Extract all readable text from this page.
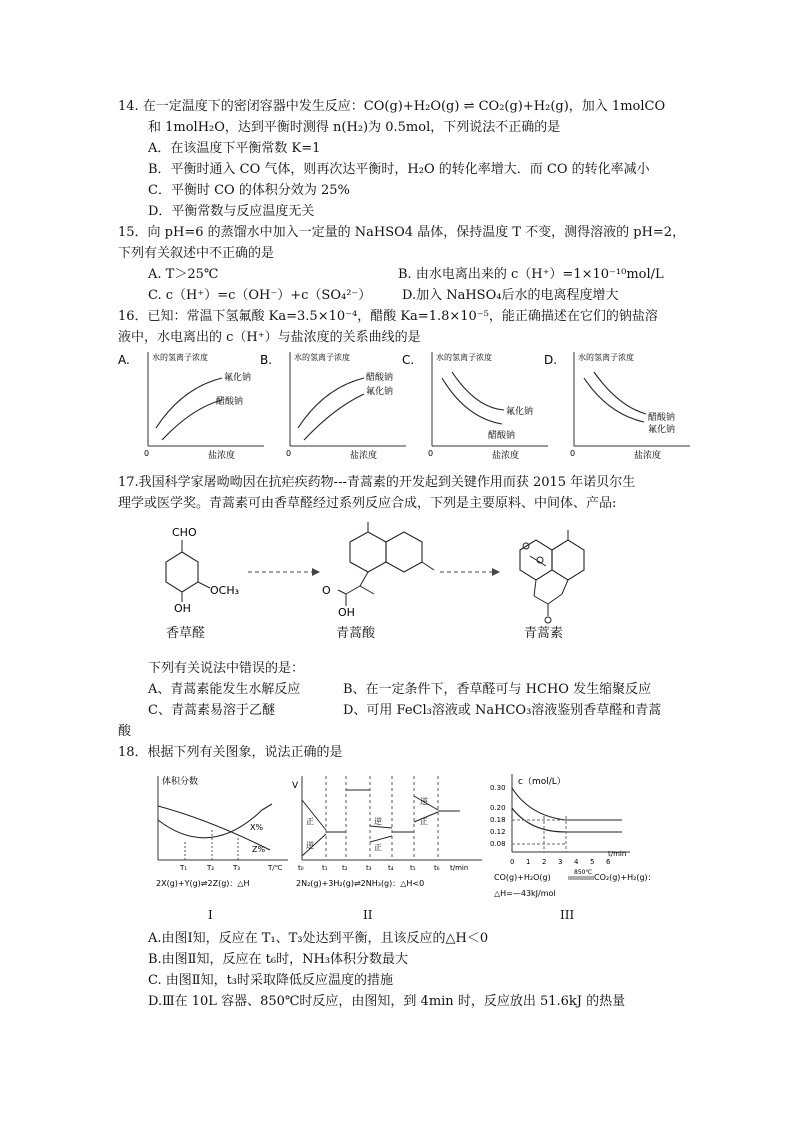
14. 在一定温度下的密闭容器中发生反应：CO(g)+H₂O(g) ⇌ CO₂(g)+H₂(g)，加入 1molCO
和 1molH₂O，达到平衡时测得 n(H₂)为 0.5mol，下列说法不正确的是
A．在该温度下平衡常数 K=1
B．平衡时通入 CO 气体，则再次达平衡时，H₂O 的转化率增大．而 CO 的转化率减小
C．平衡时 CO 的体积分效为 25%
D．平衡常数与反应温度无关
15．向 pH=6 的蒸馏水中加入一定量的 NaHSO4 晶体，保持温度 T 不变，测得溶液的 pH=2，
下列有关叙述中不正确的是
A. T＞25℃	B. 由水电离出来的 c（H⁺）=1×10⁻¹⁰mol/L
C. c（H⁺）=c（OH⁻）+c（SO₄²⁻） D.加入 NaHSO₄后水的电离程度增大
16．已知：常温下氢氟酸 Ka=3.5×10⁻⁴，醋酸 Ka=1.8×10⁻⁵，能正确描述在它们的钠盐溶
液中，水电离出的 c（H⁺）与盐浓度的关系曲线的是
A.	水的氢离子浓度
氟化钠
醋酸钠
0	盐浓度
B.	水的氢离子浓度
醋酸钠
氟化钠
0	盐浓度
C.	水的氢离子浓度
氟化钠
醋酸钠
0	盐浓度
D.	水的氢离子浓度
醋酸钠
氟化钠
0	盐浓度
17.我国科学家屠呦呦因在抗疟疾药物---青蒿素的开发起到关键作用而获 2015 年诺贝尔生
理学或医学奖。青蒿素可由香草醛经过系列反应合成，下列是主要原料、中间体、产品:
CHO
OCH₃
OH
O
OH
香草醛	青蒿酸	青蒿素
下列有关说法中错误的是：
A、青蒿素能发生水解反应	B、在一定条件下，香草醛可与 HCHO 发生缩聚反应
C、青蒿素易溶于乙醚	D、可用 FeCl₃溶液或 NaHCO₃溶液鉴别香草醛和青蒿
酸
18．根据下列有关图象，说法正确的是
体积分数
X%
Z%
T₁	T₂	T₃	T/℃
2X(g)+Y(g)⇌2Z(g)：△H
V
正
逆
逆
正
逆
正
t₀	t₁ t₂	t₃ t₄ t₅	t₆ t/min
2N₂(g)+3H₂(g)⇌2NH₃(g)：△H<0
c（mol/L）
0.30
0.20
0.18
0.12
0.08
0 1 2 3 4 5 6
t/min
CO(g)+H₂O(g)
850℃
CO₂(g)+H₂(g)：
△H=—43kJ/mol
I	II	III
A.由图Ⅰ知，反应在 T₁、T₃处达到平衡，且该反应的△H＜0
B.由图Ⅱ知，反应在 t₆时，NH₃体积分数最大
C. 由图Ⅱ知，t₃时采取降低反应温度的措施
D.Ⅲ在 10L 容器、850℃时反应，由图知，到 4min 时，反应放出 51.6kJ 的热量
